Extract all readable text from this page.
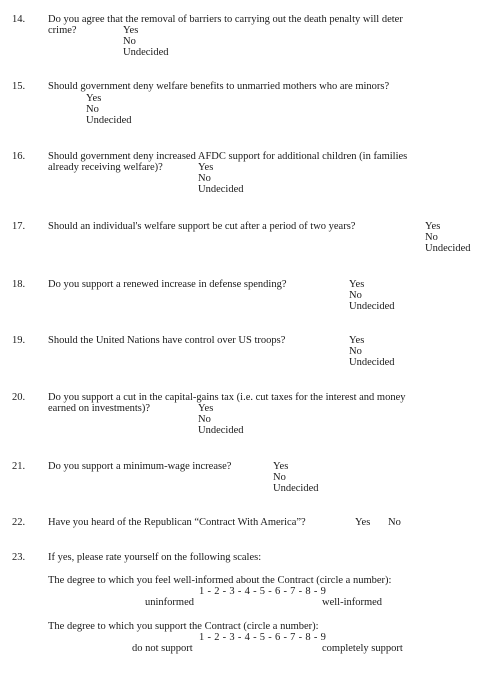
14. Do you agree that the removal of barriers to carrying out the death penalty will deter
crime?	Yes
No
Undecided
15. Should government deny welfare benefits to unmarried mothers who are minors?
Yes
No
Undecided
16. Should government deny increased AFDC support for additional children (in families
already receiving welfare)?	Yes
No
Undecided
17. Should an individual's welfare support be cut after a period of two years?	Yes
No
Undecided
18. Do you support a renewed increase in defense spending?	Yes
No
Undecided
19. Should the United Nations have control over US troops?	Yes
No
Undecided
20. Do you support a cut in the capital-gains tax (i.e. cut taxes for the interest and money
earned on investments)?	Yes
No
Undecided
21. Do you support a minimum-wage increase?	Yes
No
Undecided
22. Have you heard of the Republican “Contract With America”?	Yes No
23. If yes, please rate yourself on the following scales:
The degree to which you feel well-informed about the Contract (circle a number):
1 - 2 - 3 - 4 - 5 - 6 - 7 - 8 - 9
uninformed	well-informed
The degree to which you support the Contract (circle a number):
1 - 2 - 3 - 4 - 5 - 6 - 7 - 8 - 9
do not support	completely support
